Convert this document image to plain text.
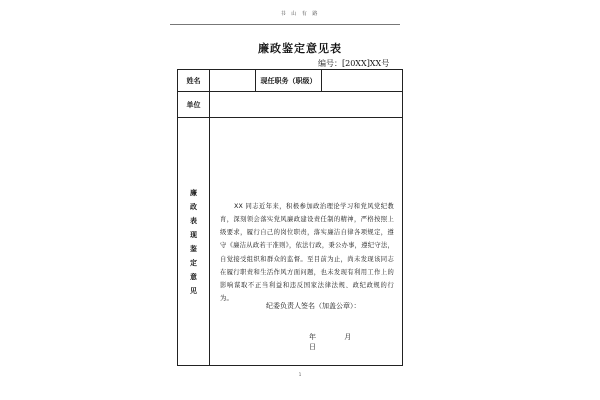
书 山 有 路
廉政鉴定意见表
编号：[20XX]XX号
姓名		现任职务（职级）	
单位			
廉政表现鉴定意见	XX 同志近年来，积极参加政治理论学习和党风党纪教育，深刻领会落实党风廉政建设责任制的精神，严格按照上级要求，履行自己的岗位职责，落实廉洁自律各项规定，遵守《廉洁从政若干准则》，依法行政，秉公办事，遵纪守法，自觉接受组织和群众的监督。至目前为止，尚未发现该同志在履行职责和生活作风方面问题，也未发现有利用工作上的影响谋取不正当利益和违反国家法律法规、政纪政规的行为。
纪委负责人签名（加盖公章）：
年 月 日		
1
